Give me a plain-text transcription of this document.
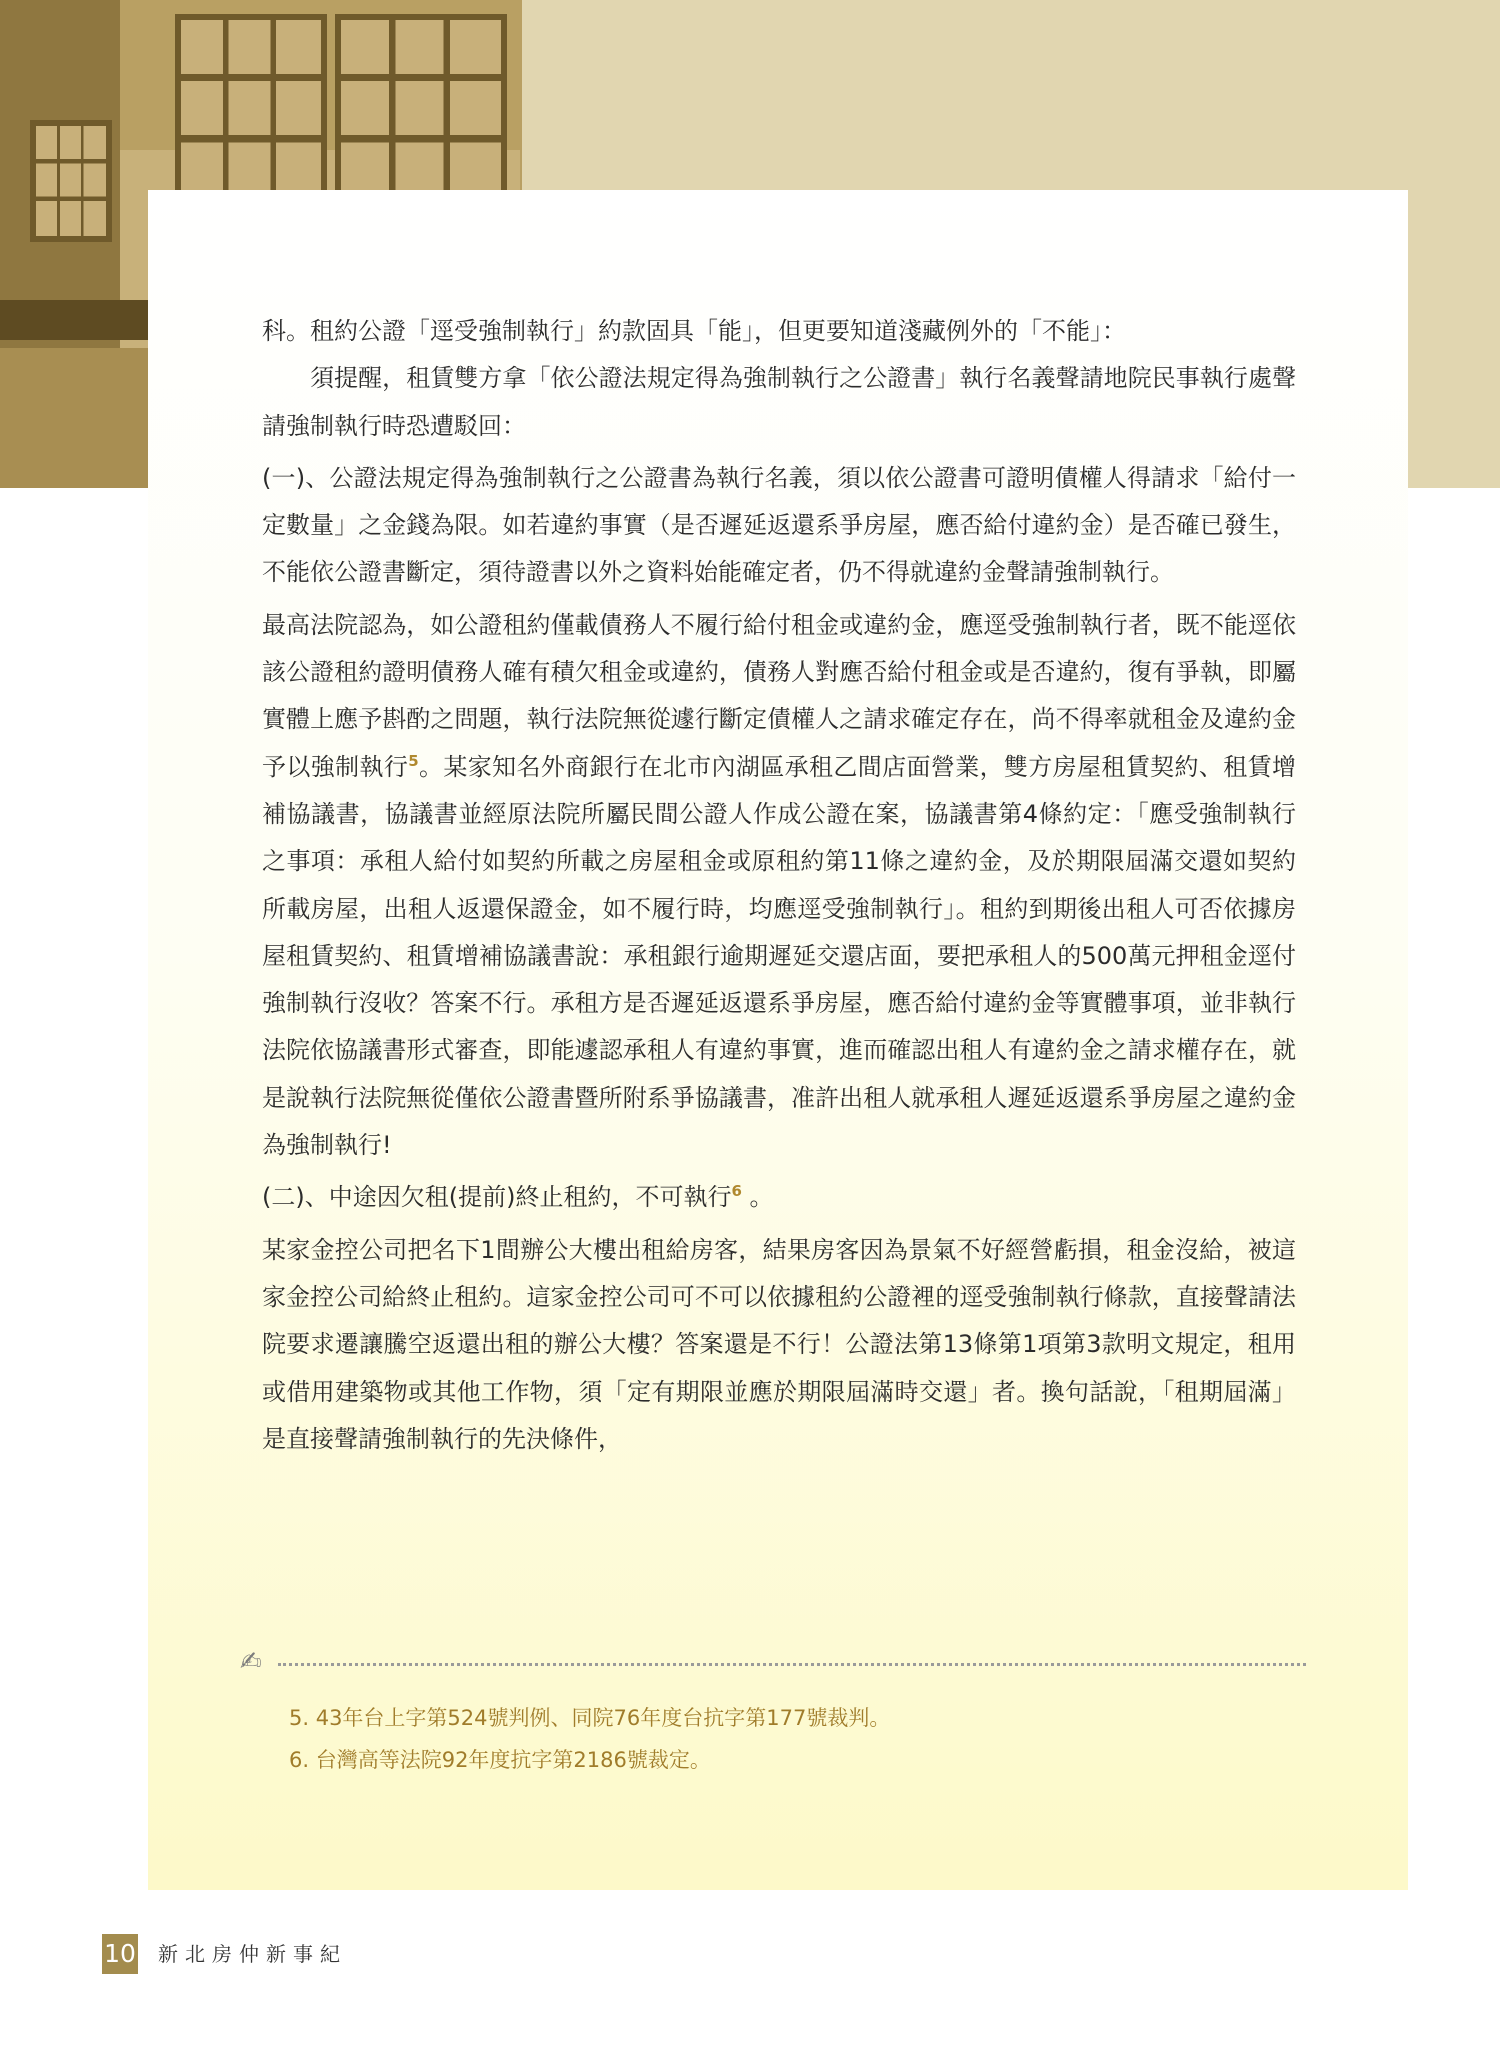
科。租約公證「逕受強制執行」約款固具「能」，但更要知道淺藏例外的「不能」：

須提醒，租賃雙方拿「依公證法規定得為強制執行之公證書」執行名義聲請地院民事執行處聲請強制執行時恐遭駁回：

(一)、公證法規定得為強制執行之公證書為執行名義，須以依公證書可證明債權人得請求「給付一定數量」之金錢為限。如若違約事實（是否遲延返還系爭房屋，應否給付違約金）是否確已發生，不能依公證書斷定，須待證書以外之資料始能確定者，仍不得就違約金聲請強制執行。

最高法院認為，如公證租約僅載債務人不履行給付租金或違約金，應逕受強制執行者，既不能逕依該公證租約證明債務人確有積欠租金或違約，債務人對應否給付租金或是否違約，復有爭執，即屬實體上應予斟酌之問題，執行法院無從遽行斷定債權人之請求確定存在，尚不得率就租金及違約金予以強制執行$^5$。某家知名外商銀行在北市內湖區承租乙間店面營業，雙方房屋租賃契約、租賃增補協議書，協議書並經原法院所屬民間公證人作成公證在案，協議書第4條約定：「應受強制執行之事項：承租人給付如契約所載之房屋租金或原租約第11條之違約金，及於期限屆滿交還如契約所載房屋，出租人返還保證金，如不履行時，均應逕受強制執行」。租約到期後出租人可否依據房屋租賃契約、租賃增補協議書說：承租銀行逾期遲延交還店面，要把承租人的500萬元押租金逕付強制執行沒收？答案不行。承租方是否遲延返還系爭房屋，應否給付違約金等實體事項，並非執行法院依協議書形式審查，即能遽認承租人有違約事實，進而確認出租人有違約金之請求權存在，就是說執行法院無從僅依公證書暨所附系爭協議書，准許出租人就承租人遲延返還系爭房屋之違約金為強制執行!

(二)、中途因欠租(提前)終止租約，不可執行$^6$ 。

某家金控公司把名下1間辦公大樓出租給房客，結果房客因為景氣不好經營虧損，租金沒給，被這家金控公司給終止租約。這家金控公司可不可以依據租約公證裡的逕受強制執行條款，直接聲請法院要求遷讓騰空返還出租的辦公大樓？答案還是不行！公證法第13條第1項第3款明文規定，租用或借用建築物或其他工作物，須「定有期限並應於期限屆滿時交還」者。換句話說，「租期屆滿」是直接聲請強制執行的先決條件，

✍

5. 43年台上字第524號判例、同院76年度台抗字第177號裁判。

6. 台灣高等法院92年度抗字第2186號裁定。

10 新北房仲新事紀
